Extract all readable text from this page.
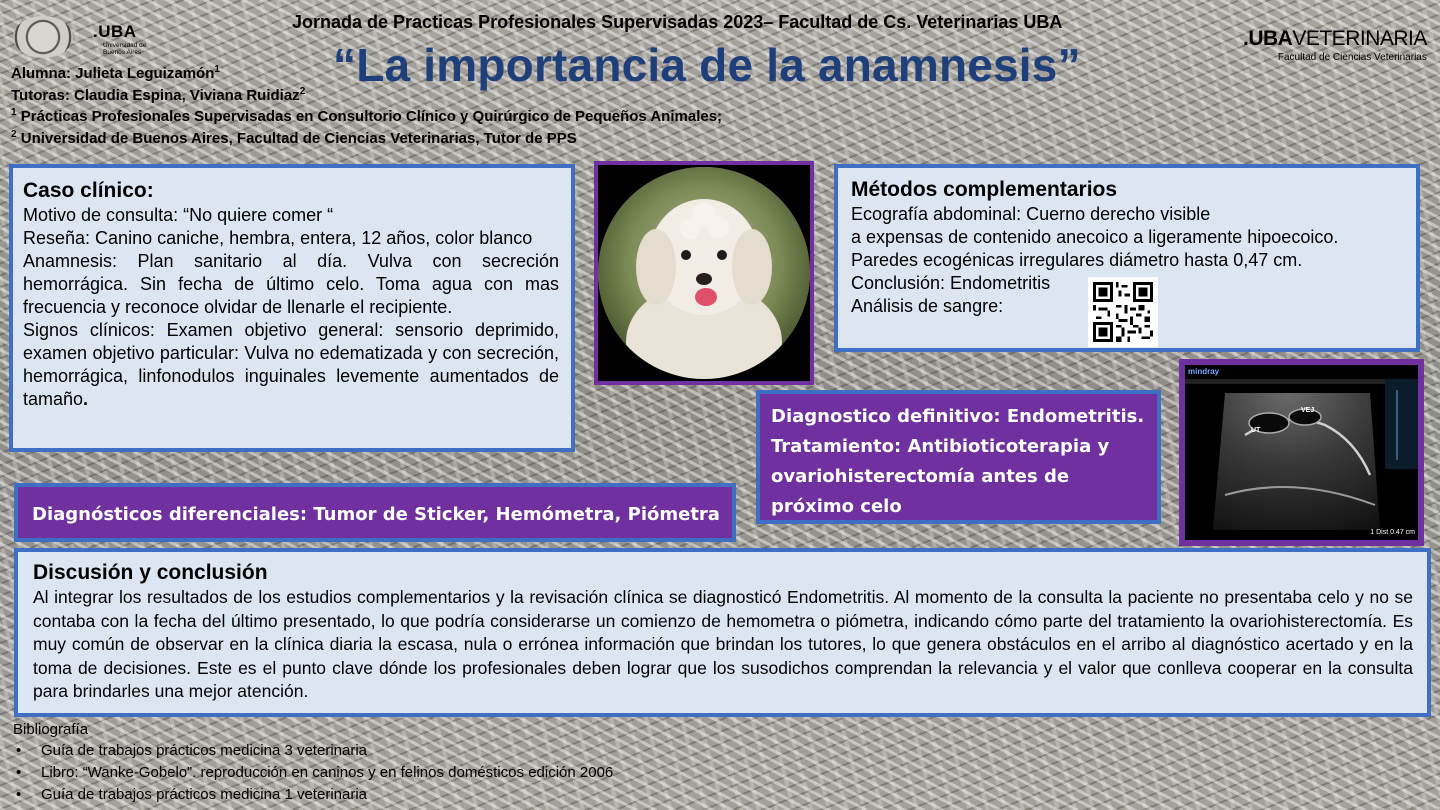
.UBA
Universidad de
Buenos Aires
.UBAVETERINARIA
Facultad de Ciencias Veterinarias
Jornada de Practicas Profesionales Supervisadas 2023– Facultad de Cs. Veterinarias UBA
“La importancia de la anamnesis”
Alumna: Julieta Leguizamón$^1$
Tutoras: Claudia Espina, Viviana Ruidiaz$^2$
$^1$ Prácticas Profesionales Supervisadas en Consultorio Clínico y Quirúrgico de Pequeños Animales;
$^2$ Universidad de Buenos Aires, Facultad de Ciencias Veterinarias, Tutor de PPS
Caso clínico:

Motivo de consulta: “No quiere comer “

Reseña: Canino caniche, hembra, entera, 12 años, color blanco

Anamnesis: Plan sanitario al día. Vulva con secreción hemorrágica. Sin fecha de último celo. Toma agua con mas frecuencia y reconoce olvidar de llenarle el recipiente.

Signos clínicos: Examen objetivo general: sensorio deprimido, examen objetivo particular: Vulva no edematizada y con secreción, hemorrágica, linfonodulos inguinales levemente aumentados de tamaño.

Métodos complementarios

Ecografía abdominal: Cuerno derecho visible

a expensas de contenido anecoico a ligeramente hipoecoico.

Paredes ecogénicas irregulares diámetro hasta 0,47 cm.

Conclusión: Endometritis

Análisis de sangre:

mindray
UT
VEJ
1 Dist 0.47 cm
Diagnostico definitivo: Endometritis.
Tratamiento: Antibioticoterapia y
ovariohisterectomía antes de
próximo celo
Diagnósticos diferenciales: Tumor de Sticker, Hemómetra, Piómetra
Discusión y conclusión

Al integrar los resultados de los estudios complementarios y la revisación clínica se diagnosticó Endometritis. Al momento de la consulta la paciente no presentaba celo y no se contaba con la fecha del último presentado, lo que podría considerarse un comienzo de hemometra o piómetra, indicando cómo parte del tratamiento la ovariohisterectomía. Es muy común de observar en la clínica diaria la escasa, nula o errónea información que brindan los tutores, lo que genera obstáculos en el arribo al diagnóstico acertado y en la toma de decisiones. Este es el punto clave dónde los profesionales deben lograr que los susodichos comprendan la relevancia y el valor que conlleva cooperar en la consulta para brindarles una mejor atención.

Bibliografía
• Guía de trabajos prácticos medicina 3 veterinaria
• Libro: “Wanke-Gobelo”. reproducción en caninos y en felinos domésticos edición 2006
• Guía de trabajos prácticos medicina 1 veterinaria
